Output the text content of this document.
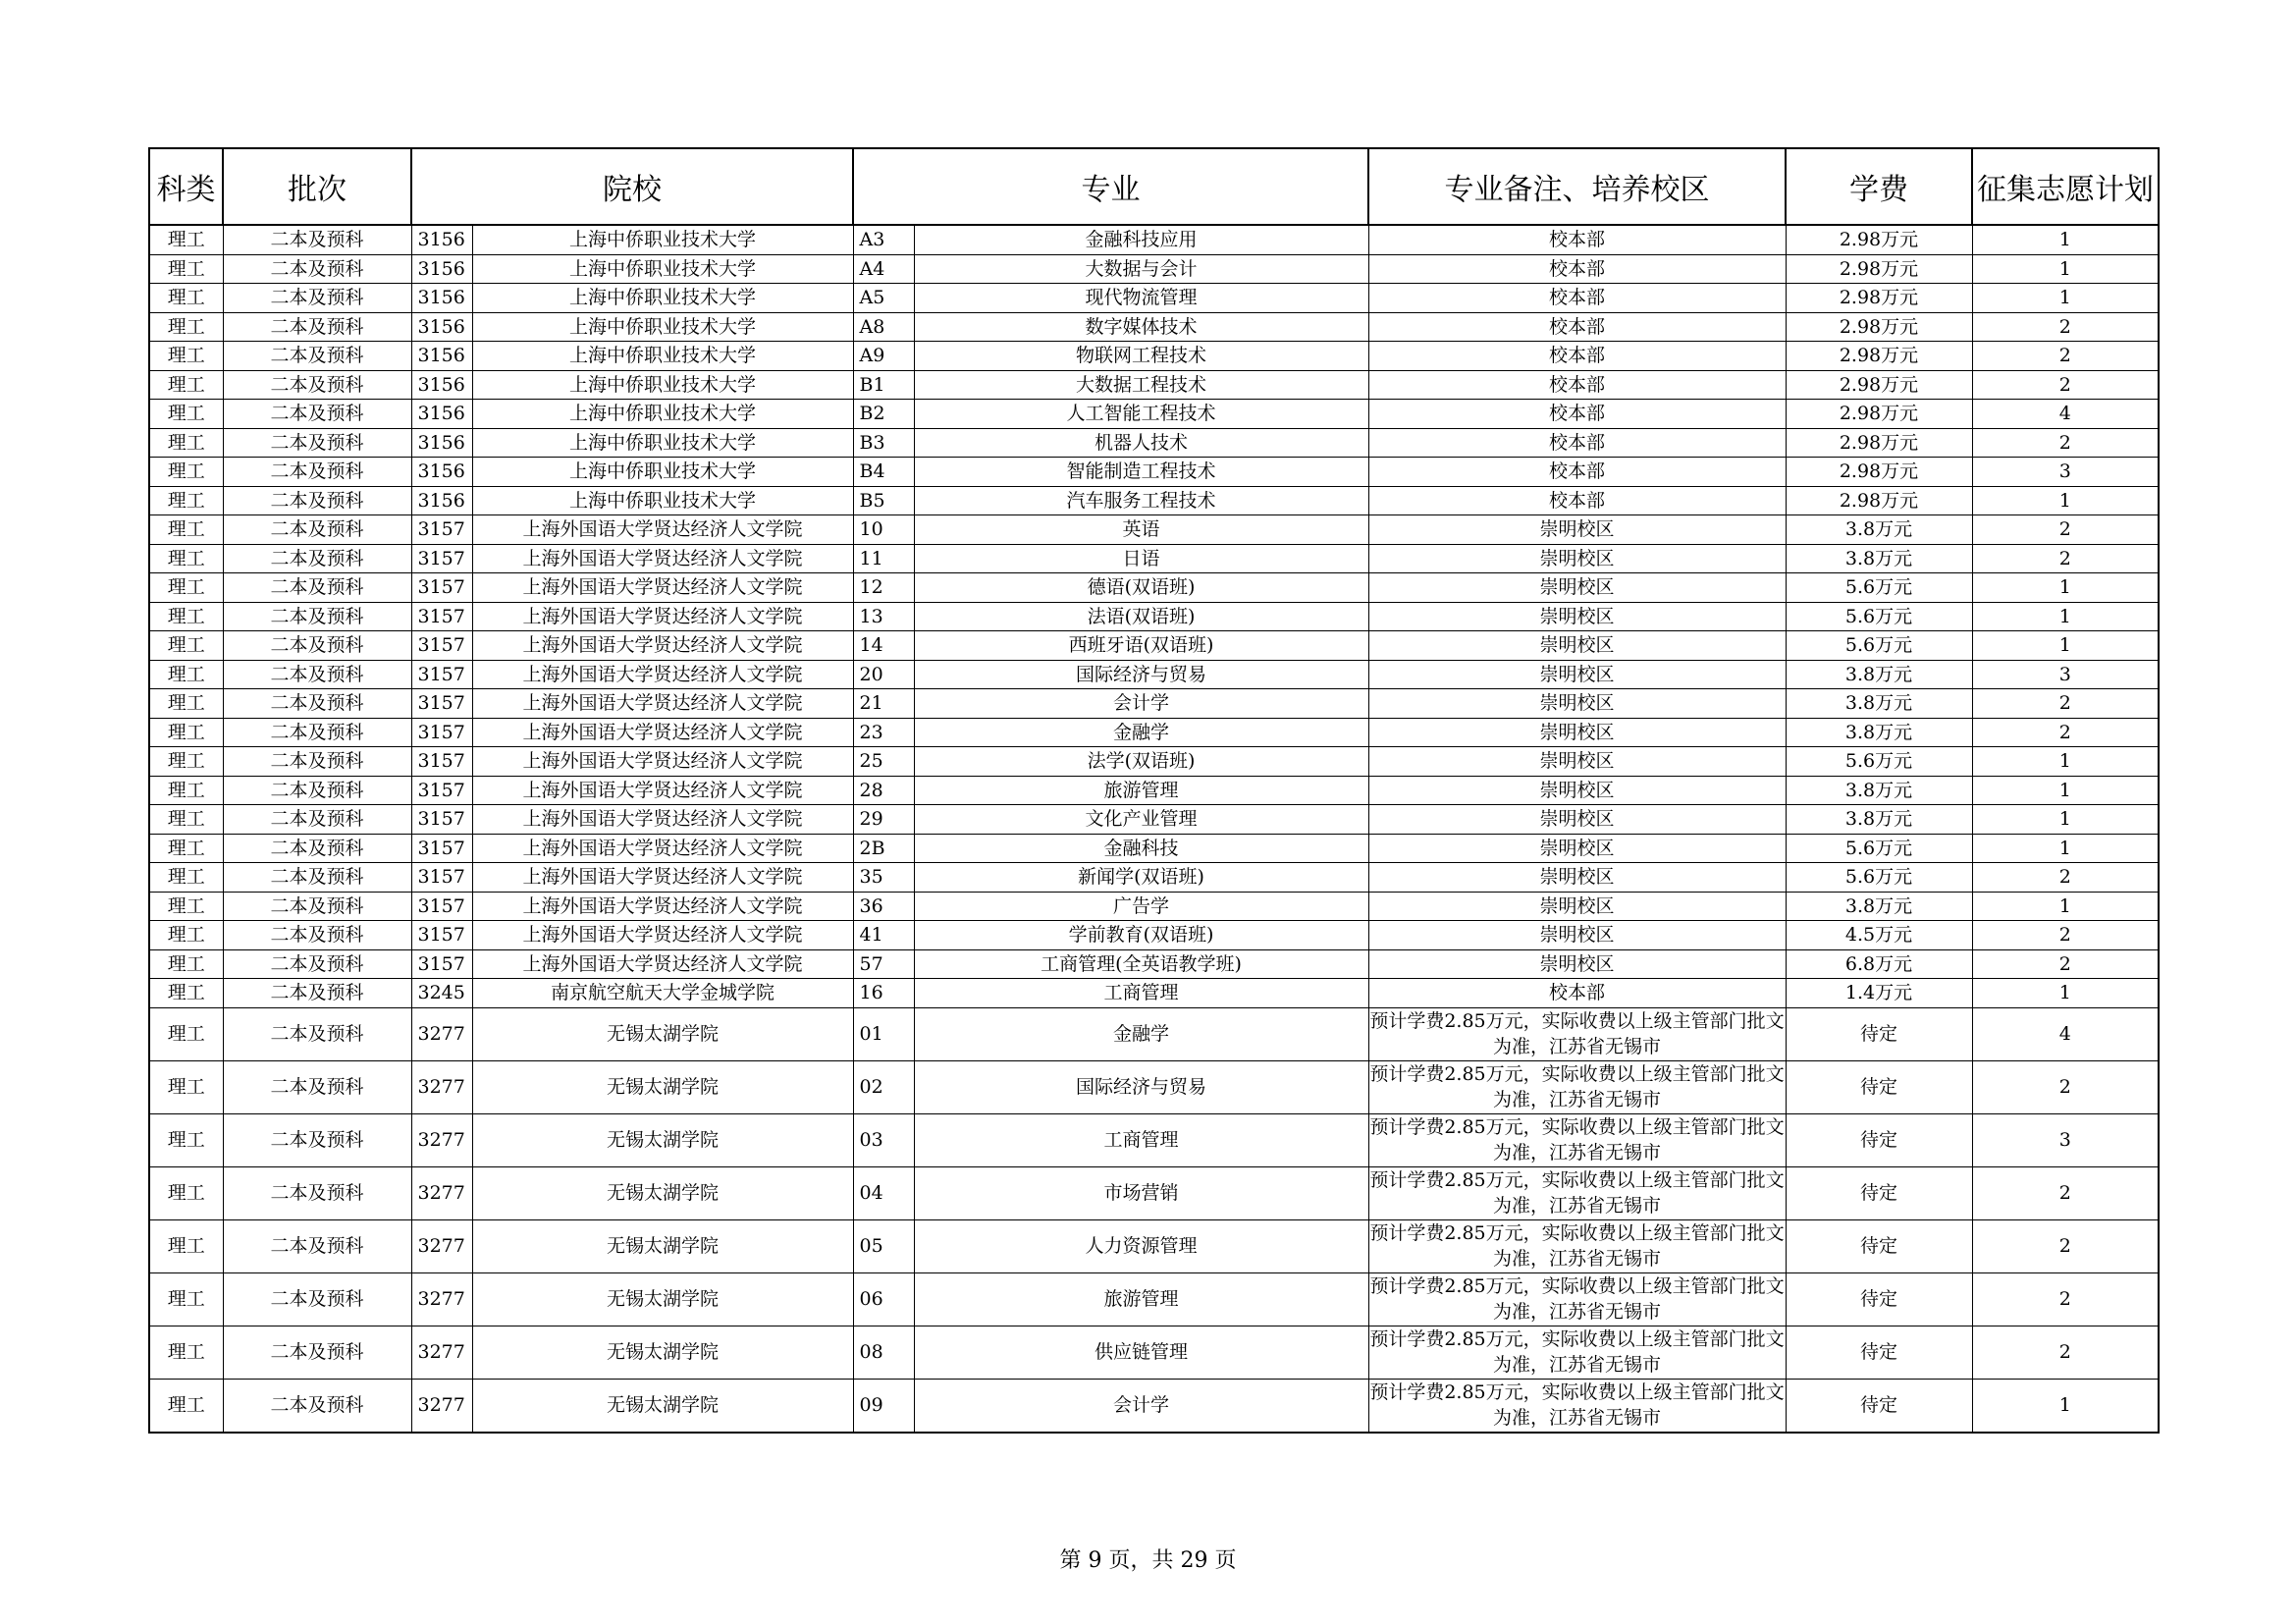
科类	批次	院校		专业		专业备注、培养校区	学费	征集志愿计划
理工	二本及预科	3156	上海中侨职业技术大学	A3	金融科技应用	校本部	2.98万元	1
理工	二本及预科	3156	上海中侨职业技术大学	A4	大数据与会计	校本部	2.98万元	1
理工	二本及预科	3156	上海中侨职业技术大学	A5	现代物流管理	校本部	2.98万元	1
理工	二本及预科	3156	上海中侨职业技术大学	A8	数字媒体技术	校本部	2.98万元	2
理工	二本及预科	3156	上海中侨职业技术大学	A9	物联网工程技术	校本部	2.98万元	2
理工	二本及预科	3156	上海中侨职业技术大学	B1	大数据工程技术	校本部	2.98万元	2
理工	二本及预科	3156	上海中侨职业技术大学	B2	人工智能工程技术	校本部	2.98万元	4
理工	二本及预科	3156	上海中侨职业技术大学	B3	机器人技术	校本部	2.98万元	2
理工	二本及预科	3156	上海中侨职业技术大学	B4	智能制造工程技术	校本部	2.98万元	3
理工	二本及预科	3156	上海中侨职业技术大学	B5	汽车服务工程技术	校本部	2.98万元	1
理工	二本及预科	3157	上海外国语大学贤达经济人文学院	10	英语	崇明校区	3.8万元	2
理工	二本及预科	3157	上海外国语大学贤达经济人文学院	11	日语	崇明校区	3.8万元	2
理工	二本及预科	3157	上海外国语大学贤达经济人文学院	12	德语(双语班)	崇明校区	5.6万元	1
理工	二本及预科	3157	上海外国语大学贤达经济人文学院	13	法语(双语班)	崇明校区	5.6万元	1
理工	二本及预科	3157	上海外国语大学贤达经济人文学院	14	西班牙语(双语班)	崇明校区	5.6万元	1
理工	二本及预科	3157	上海外国语大学贤达经济人文学院	20	国际经济与贸易	崇明校区	3.8万元	3
理工	二本及预科	3157	上海外国语大学贤达经济人文学院	21	会计学	崇明校区	3.8万元	2
理工	二本及预科	3157	上海外国语大学贤达经济人文学院	23	金融学	崇明校区	3.8万元	2
理工	二本及预科	3157	上海外国语大学贤达经济人文学院	25	法学(双语班)	崇明校区	5.6万元	1
理工	二本及预科	3157	上海外国语大学贤达经济人文学院	28	旅游管理	崇明校区	3.8万元	1
理工	二本及预科	3157	上海外国语大学贤达经济人文学院	29	文化产业管理	崇明校区	3.8万元	1
理工	二本及预科	3157	上海外国语大学贤达经济人文学院	2B	金融科技	崇明校区	5.6万元	1
理工	二本及预科	3157	上海外国语大学贤达经济人文学院	35	新闻学(双语班)	崇明校区	5.6万元	2
理工	二本及预科	3157	上海外国语大学贤达经济人文学院	36	广告学	崇明校区	3.8万元	1
理工	二本及预科	3157	上海外国语大学贤达经济人文学院	41	学前教育(双语班)	崇明校区	4.5万元	2
理工	二本及预科	3157	上海外国语大学贤达经济人文学院	57	工商管理(全英语教学班)	崇明校区	6.8万元	2
理工	二本及预科	3245	南京航空航天大学金城学院	16	工商管理	校本部	1.4万元	1
理工	二本及预科	3277	无锡太湖学院	01	金融学	预计学费2.85万元，实际收费以上级主管部门批文为准，江苏省无锡市	待定	4
理工	二本及预科	3277	无锡太湖学院	02	国际经济与贸易	预计学费2.85万元，实际收费以上级主管部门批文为准，江苏省无锡市	待定	2
理工	二本及预科	3277	无锡太湖学院	03	工商管理	预计学费2.85万元，实际收费以上级主管部门批文为准，江苏省无锡市	待定	3
理工	二本及预科	3277	无锡太湖学院	04	市场营销	预计学费2.85万元，实际收费以上级主管部门批文为准，江苏省无锡市	待定	2
理工	二本及预科	3277	无锡太湖学院	05	人力资源管理	预计学费2.85万元，实际收费以上级主管部门批文为准，江苏省无锡市	待定	2
理工	二本及预科	3277	无锡太湖学院	06	旅游管理	预计学费2.85万元，实际收费以上级主管部门批文为准，江苏省无锡市	待定	2
理工	二本及预科	3277	无锡太湖学院	08	供应链管理	预计学费2.85万元，实际收费以上级主管部门批文为准，江苏省无锡市	待定	2
理工	二本及预科	3277	无锡太湖学院	09	会计学	预计学费2.85万元，实际收费以上级主管部门批文为准，江苏省无锡市	待定	1
第 9 页，共 29 页
